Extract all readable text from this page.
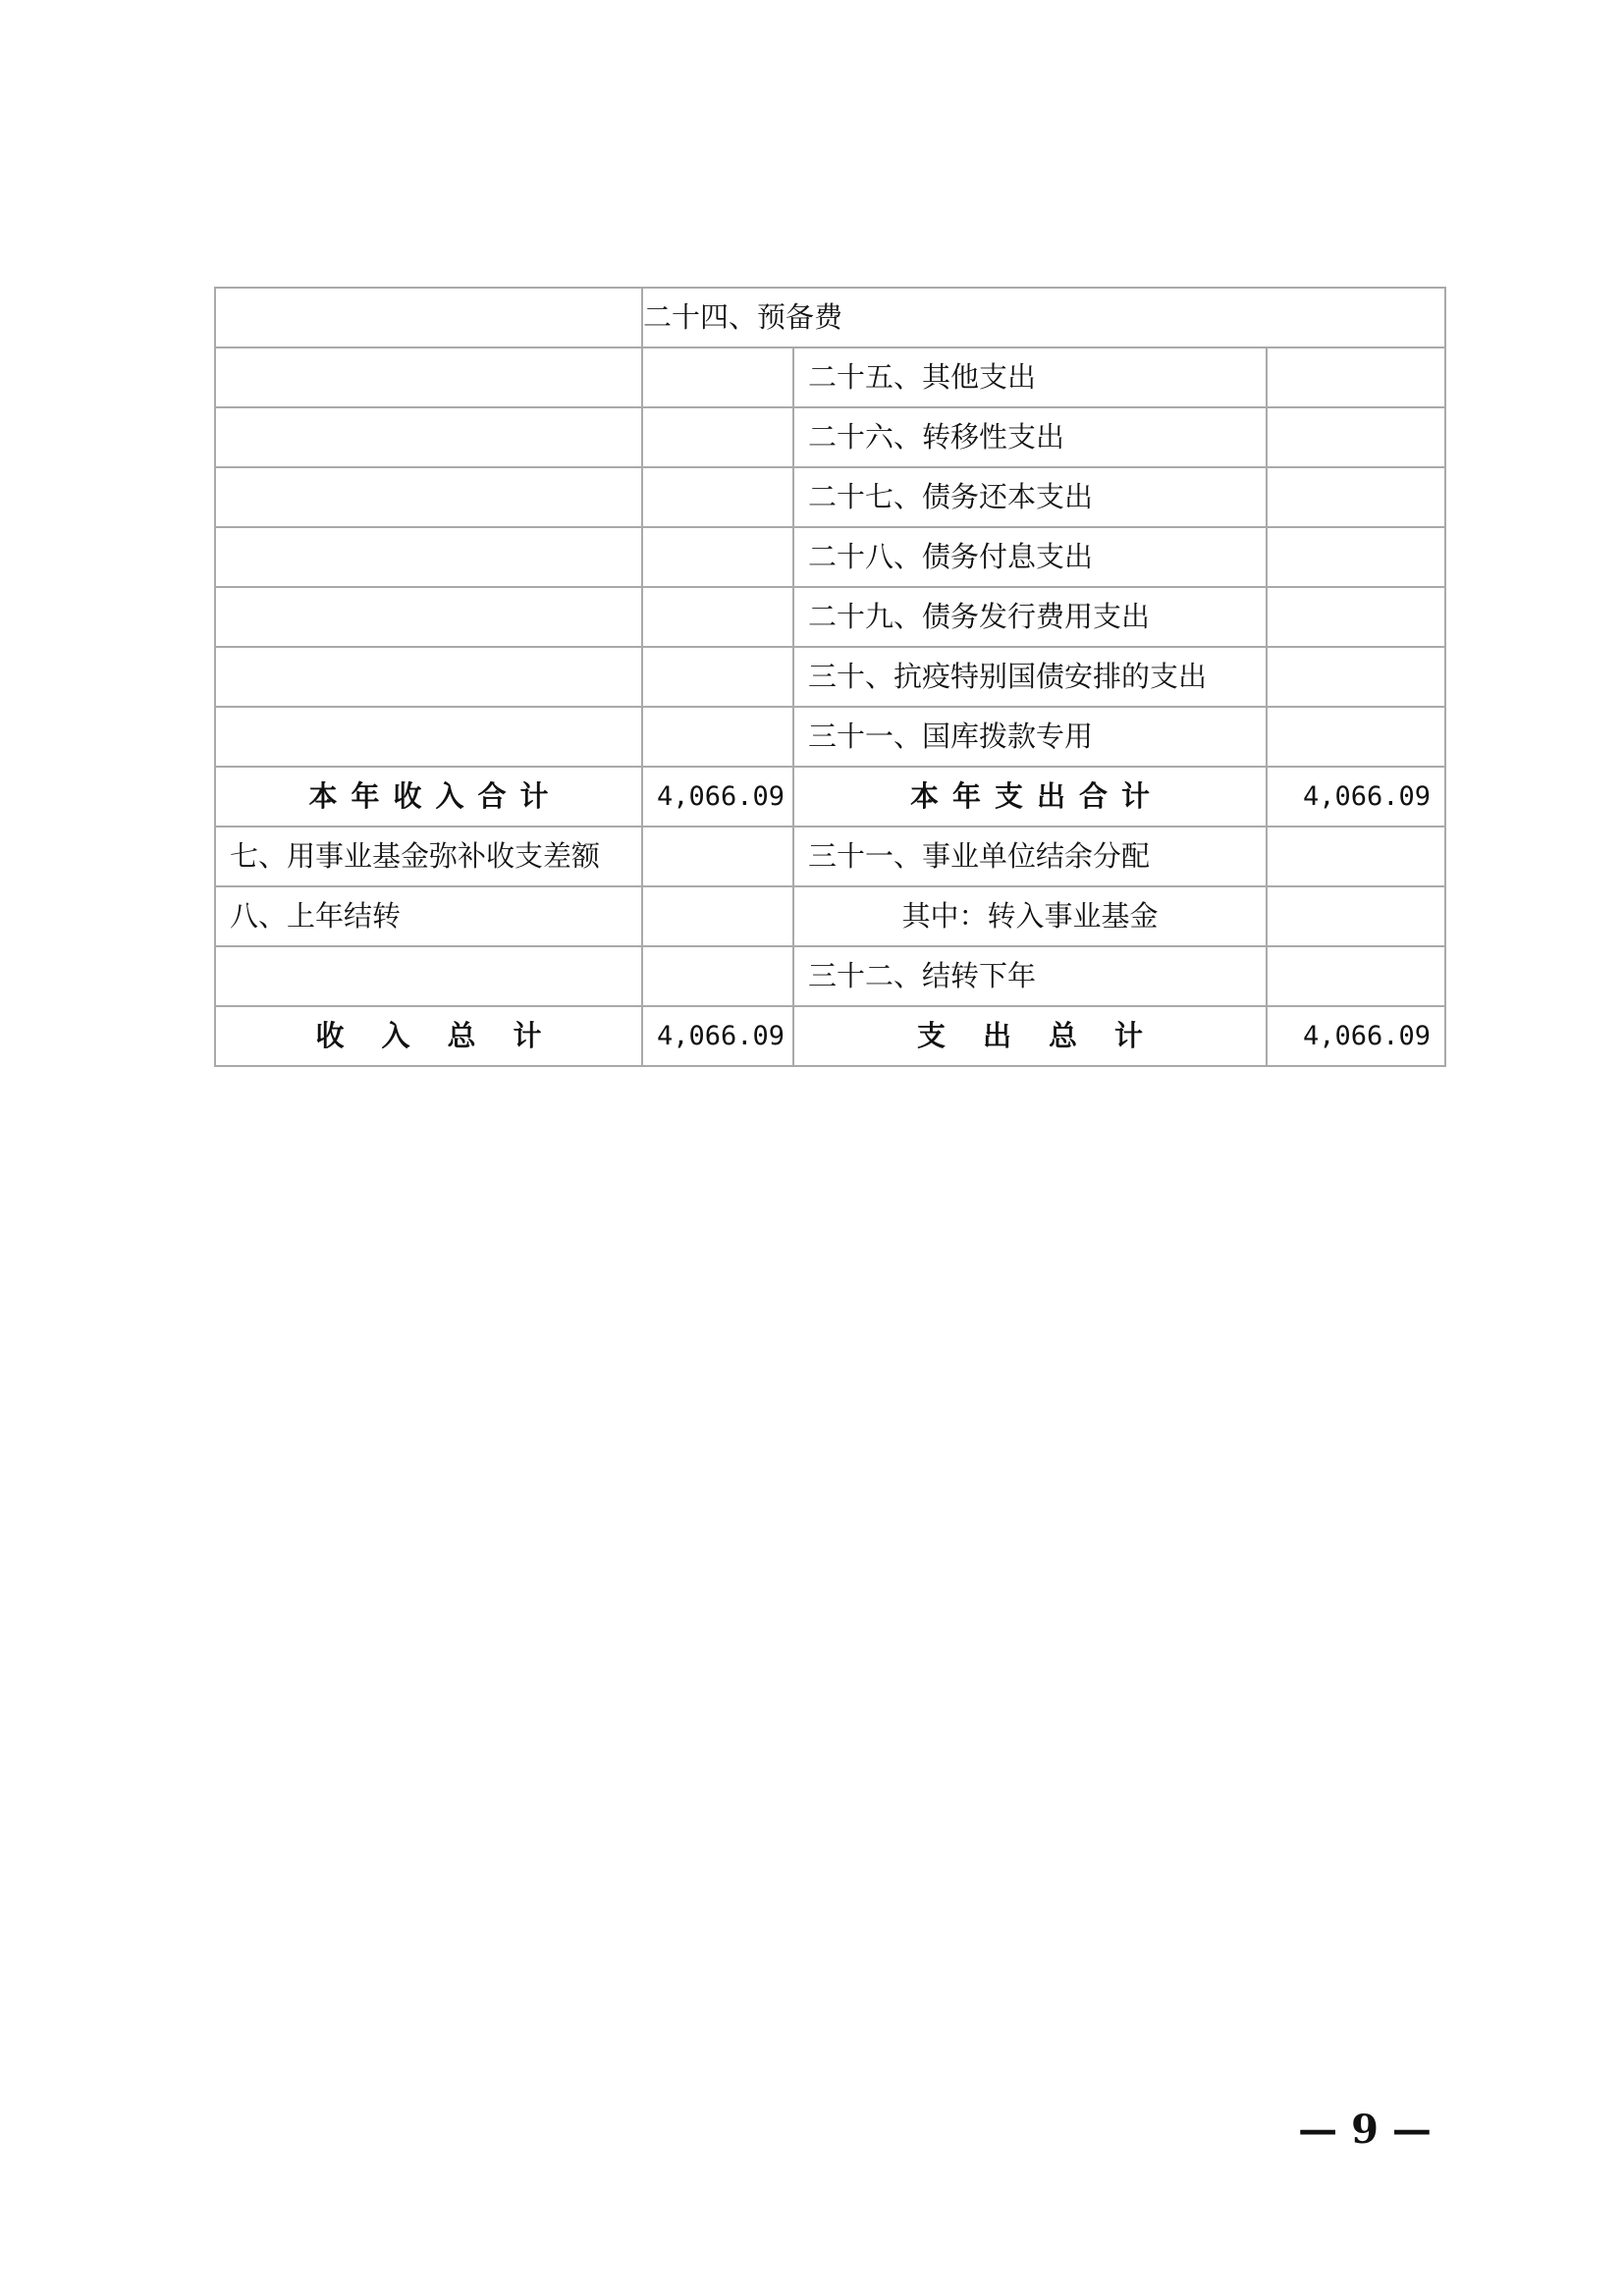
	二十四、预备费		
		二十五、其他支出	
		二十六、转移性支出	
		二十七、债务还本支出	
		二十八、债务付息支出	
		二十九、债务发行费用支出	
		三十、抗疫特别国债安排的支出	
		三十一、国库拨款专用	
本年收入合计	4,066.09	本年支出合计	4,066.09
七、用事业基金弥补收支差额		三十一、事业单位结余分配	
八、上年结转		其中：转入事业基金	
		三十二、结转下年	
收入总计	4,066.09	支出总计	4,066.09
— 9 —
